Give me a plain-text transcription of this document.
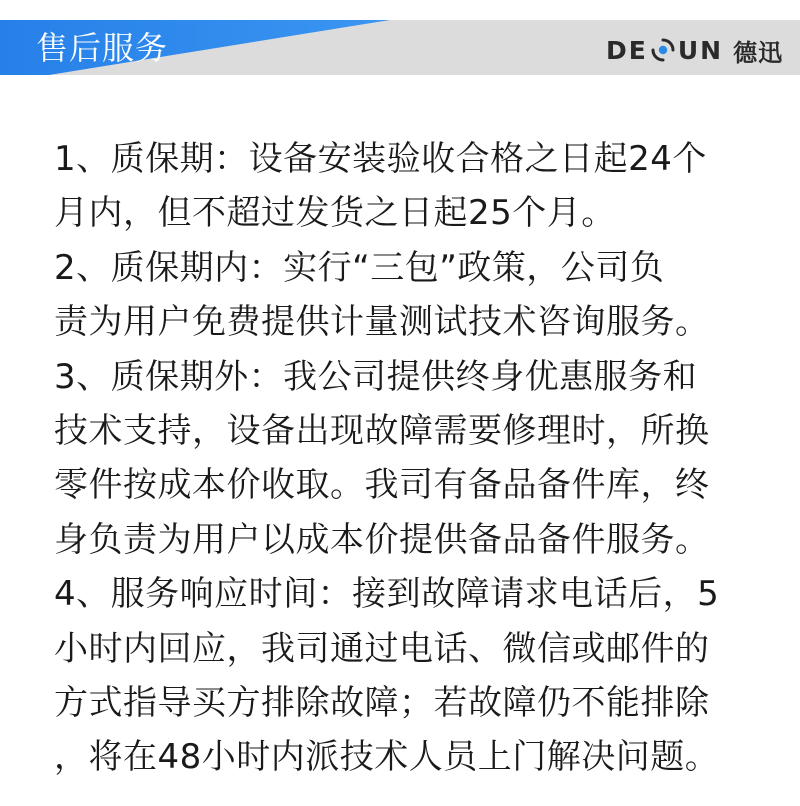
售后服务	DE UN 德迅
1、质保期：设备安装验收合格之日起24个
月内，但不超过发货之日起25个月。
2、质保期内：实行“三包”政策，公司负
责为用户免费提供计量测试技术咨询服务。
3、质保期外：我公司提供终身优惠服务和
技术支持，设备出现故障需要修理时，所换
零件按成本价收取。我司有备品备件库，终
身负责为用户以成本价提供备品备件服务。
4、服务响应时间：接到故障请求电话后，5
小时内回应，我司通过电话、微信或邮件的
方式指导买方排除故障；若故障仍不能排除
，将在48小时内派技术人员上门解决问题。
